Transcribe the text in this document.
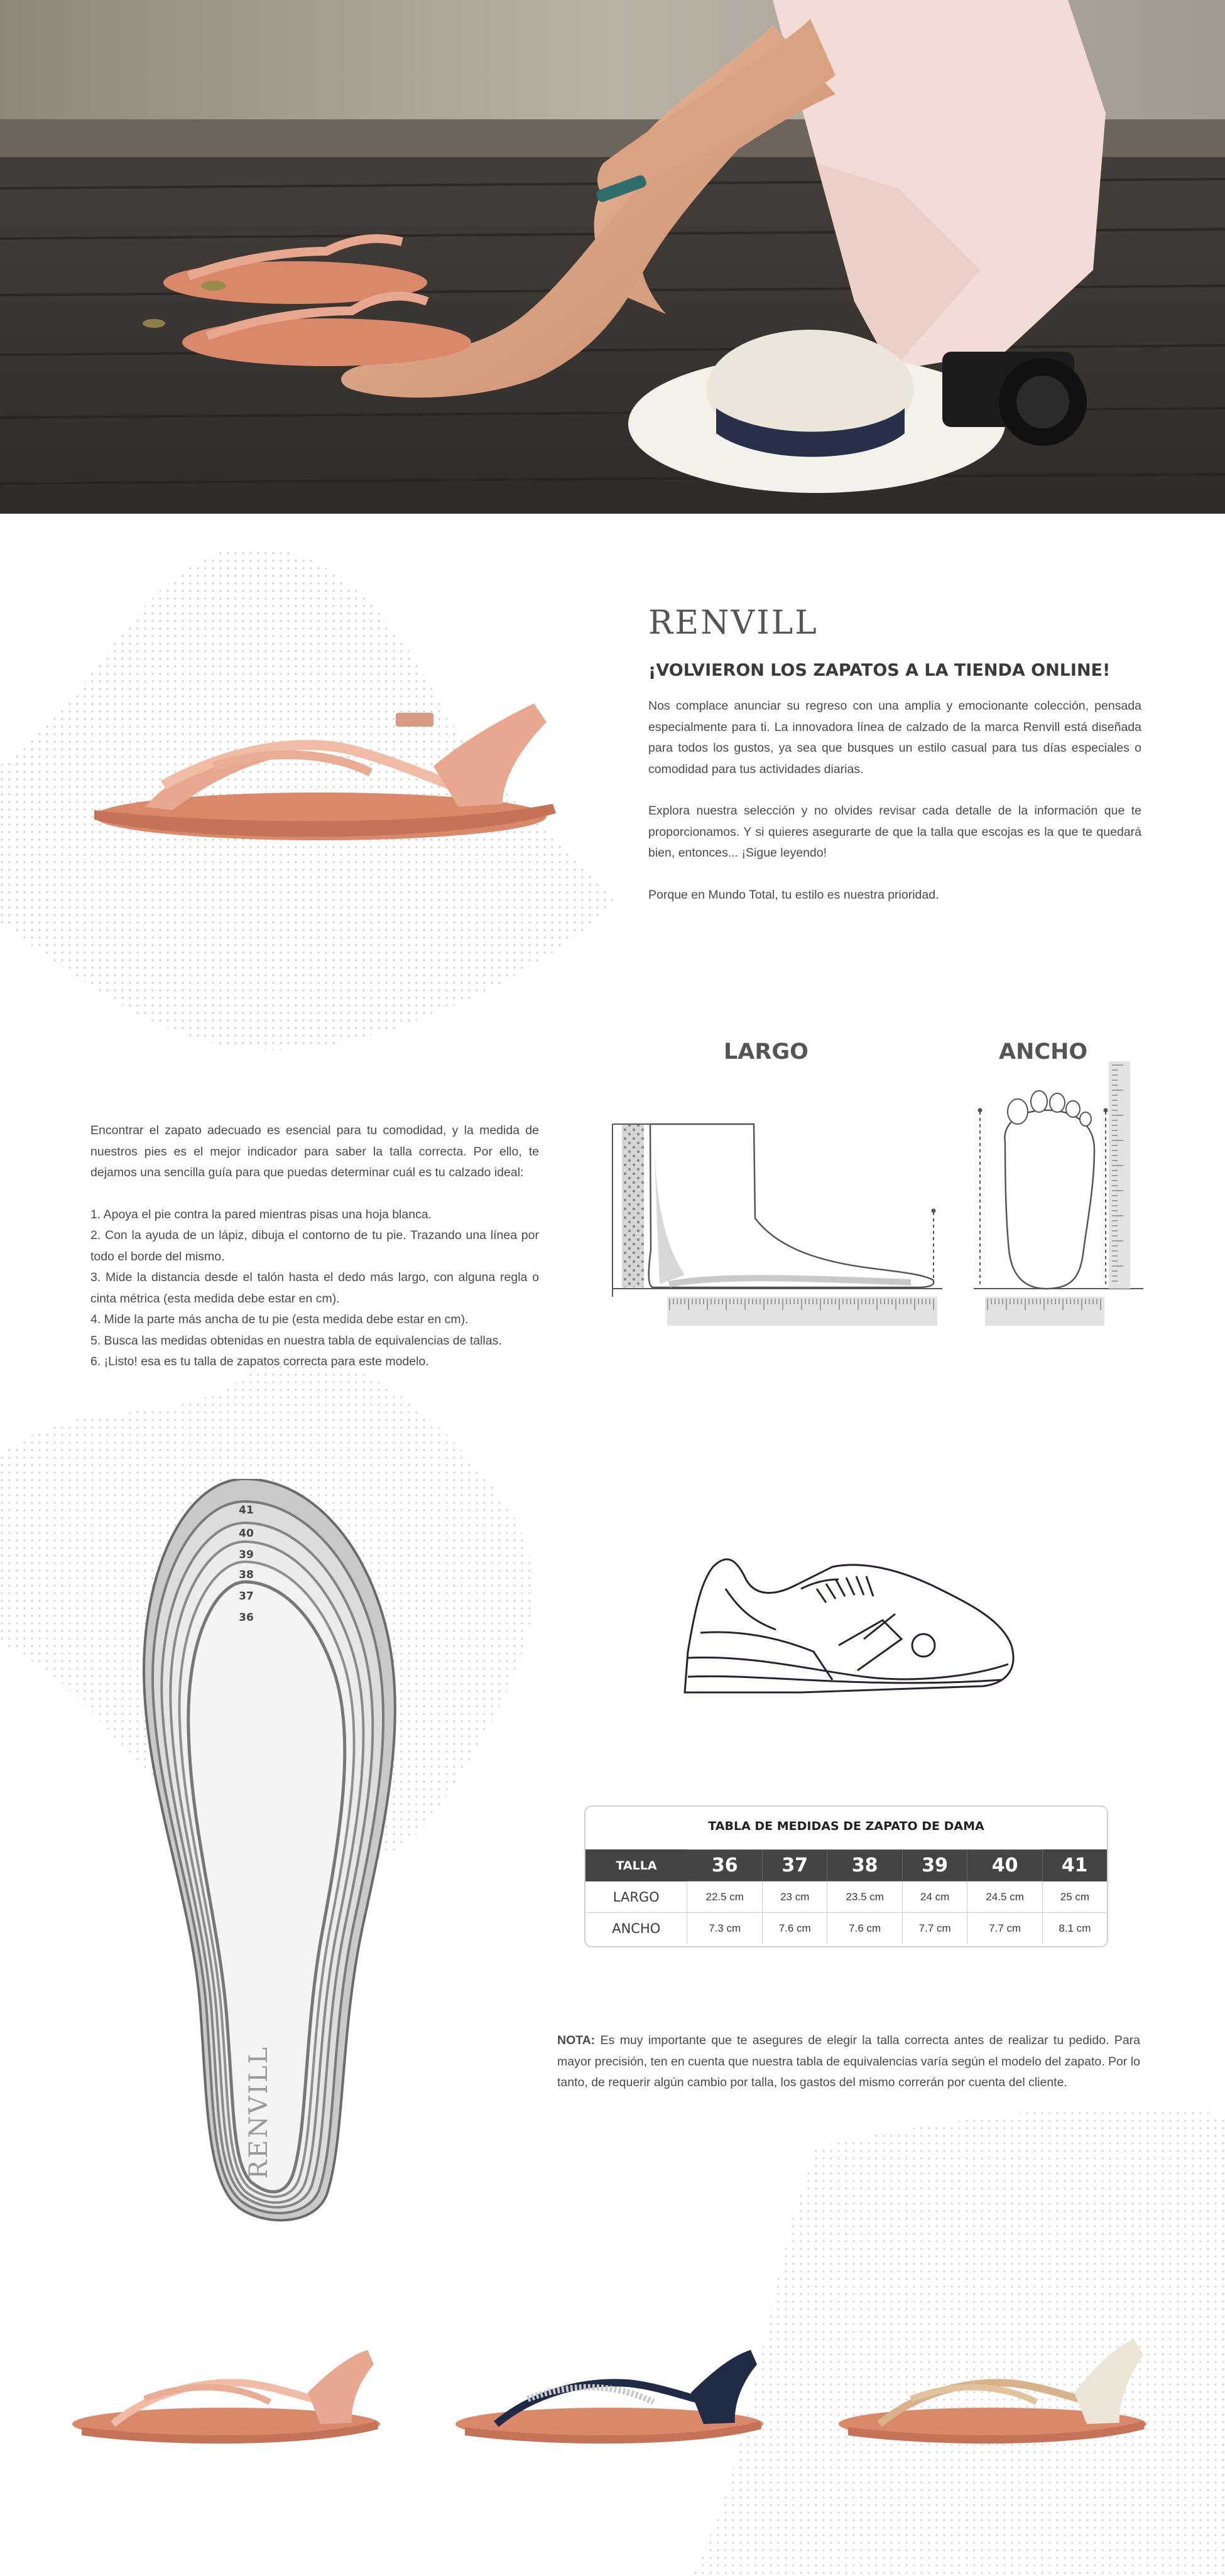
RENVILL
¡VOLVIERON LOS ZAPATOS A LA TIENDA ONLINE!

Nos complace anunciar su regreso con una amplia y emocionante colección, pensada especialmente para ti. La innovadora línea de calzado de la marca Renvill está diseñada para todos los gustos, ya sea que busques un estilo casual para tus días especiales o comodidad para tus actividades diarias.

Explora nuestra selección y no olvides revisar cada detalle de la información que te proporcionamos. Y si quieres asegurarte de que la talla que escojas es la que te quedará bien, entonces... ¡Sigue leyendo!

Porque en Mundo Total, tu estilo es nuestra prioridad.

Encontrar el zapato adecuado es esencial para tu comodidad, y la medida de nuestros pies es el mejor indicador para saber la talla correcta. Por ello, te dejamos una sencilla guía para que puedas determinar cuál es tu calzado ideal:

1. Apoya el pie contra la pared mientras pisas una hoja blanca.

2. Con la ayuda de un lápiz, dibuja el contorno de tu pie. Trazando una línea por todo el borde del mismo.

3. Mide la distancia desde el talón hasta el dedo más largo, con alguna regla o cinta métrica (esta medida debe estar en cm).

4. Mide la parte más ancha de tu pie (esta medida debe estar en cm).

5. Busca las medidas obtenidas en nuestra tabla de equivalencias de tallas.

6. ¡Listo! esa es tu talla de zapatos correcta para este modelo.

LARGO	ANCHO
41
40
39
38
37
36
RENVILL
TABLA DE MEDIDAS DE ZAPATO DE DAMA
TALLA	36	37	38	39	40	41
LARGO	22.5 cm	23 cm	23.5 cm	24 cm	24.5 cm	25 cm
ANCHO	7.3 cm	7.6 cm	7.6 cm	7.7 cm	7.7 cm	8.1 cm
NOTA: Es muy importante que te asegures de elegir la talla correcta antes de realizar tu pedido. Para mayor precisión, ten en cuenta que nuestra tabla de equivalencias varía según el modelo del zapato. Por lo tanto, de requerir algún cambio por talla, los gastos del mismo correrán por cuenta del cliente.
